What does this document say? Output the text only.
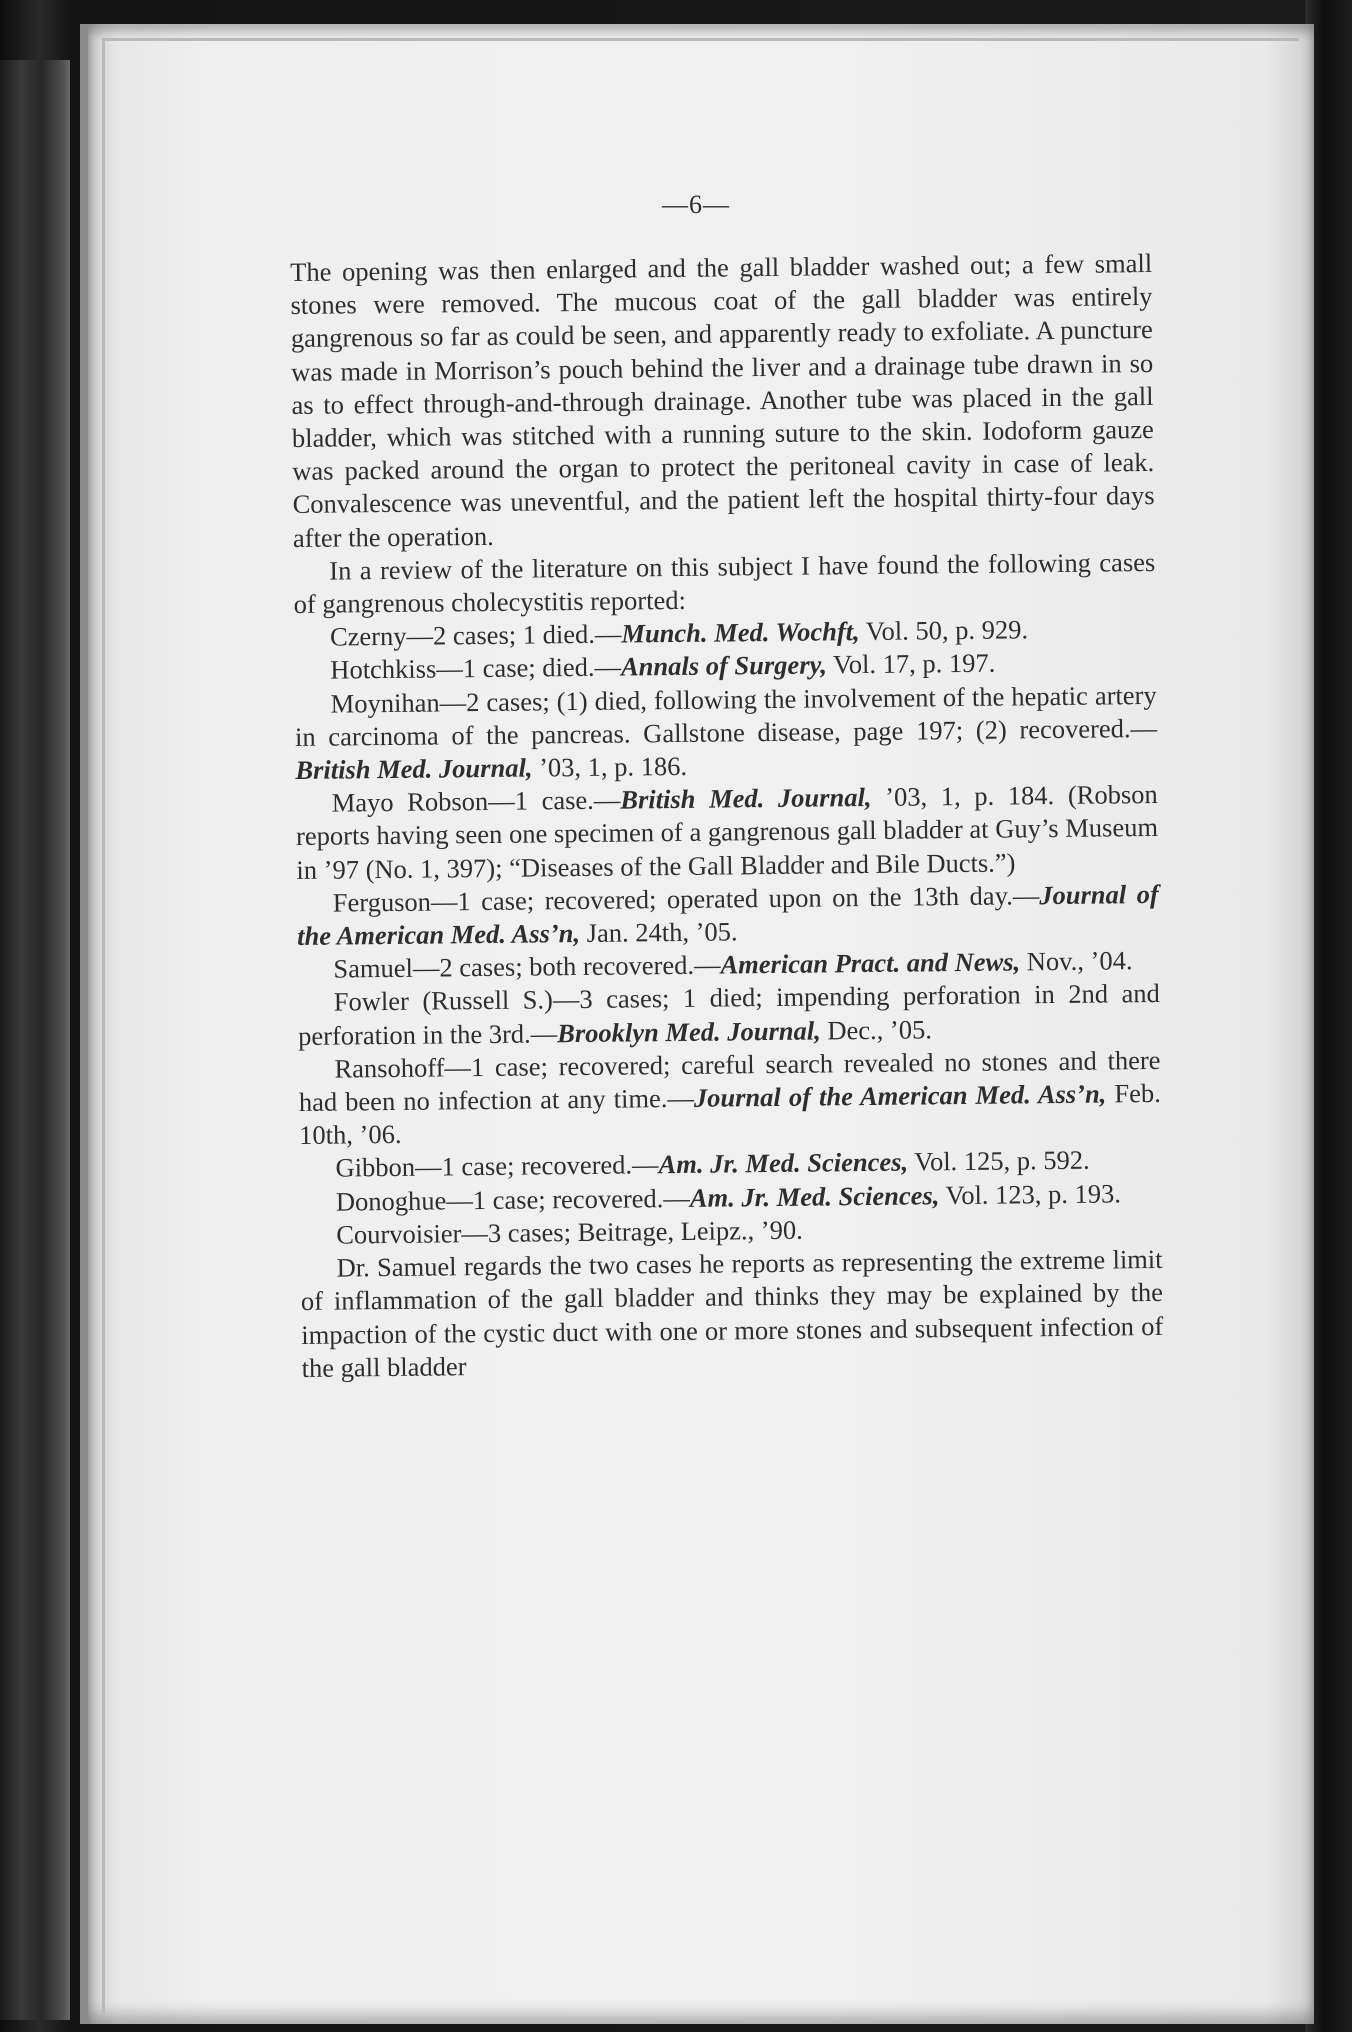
—6—

The opening was then enlarged and the gall bladder washed out; a few small stones were removed. The mucous coat of the gall bladder was entirely gangrenous so far as could be seen, and apparently ready to exfoliate. A puncture was made in Morrison’s pouch behind the liver and a drainage tube drawn in so as to effect through-and-through drainage. Another tube was placed in the gall bladder, which was stitched with a running suture to the skin. Iodoform gauze was packed around the organ to protect the peritoneal cavity in case of leak. Convalescence was uneventful, and the patient left the hospital thirty-four days after the operation.

In a review of the literature on this subject I have found the following cases of gangrenous cholecystitis reported:

Czerny—2 cases; 1 died.—Munch. Med. Wochft, Vol. 50, p. 929.

Hotchkiss—1 case; died.—Annals of Surgery, Vol. 17, p. 197.

Moynihan—2 cases; (1) died, following the involvement of the hepatic artery in carcinoma of the pancreas. Gallstone disease, page 197; (2) recovered.—British Med. Journal, ’03, 1, p. 186.

Mayo Robson—1 case.—British Med. Journal, ’03, 1, p. 184. (Robson reports having seen one specimen of a gangrenous gall bladder at Guy’s Museum in ’97 (No. 1, 397); “Diseases of the Gall Bladder and Bile Ducts.”)

Ferguson—1 case; recovered; operated upon on the 13th day.—Journal of the American Med. Ass’n, Jan. 24th, ’05.

Samuel—2 cases; both recovered.—American Pract. and News, Nov., ’04.

Fowler (Russell S.)—3 cases; 1 died; impending perforation in 2nd and perforation in the 3rd.—Brooklyn Med. Journal, Dec., ’05.

Ransohoff—1 case; recovered; careful search revealed no stones and there had been no infection at any time.—Journal of the American Med. Ass’n, Feb. 10th, ’06.

Gibbon—1 case; recovered.—Am. Jr. Med. Sciences, Vol. 125, p. 592.

Donoghue—1 case; recovered.—Am. Jr. Med. Sciences, Vol. 123, p. 193.

Courvoisier—3 cases; Beitrage, Leipz., ’90.

Dr. Samuel regards the two cases he reports as representing the extreme limit of inflammation of the gall bladder and thinks they may be explained by the impaction of the cystic duct with one or more stones and subsequent infection of the gall bladder
